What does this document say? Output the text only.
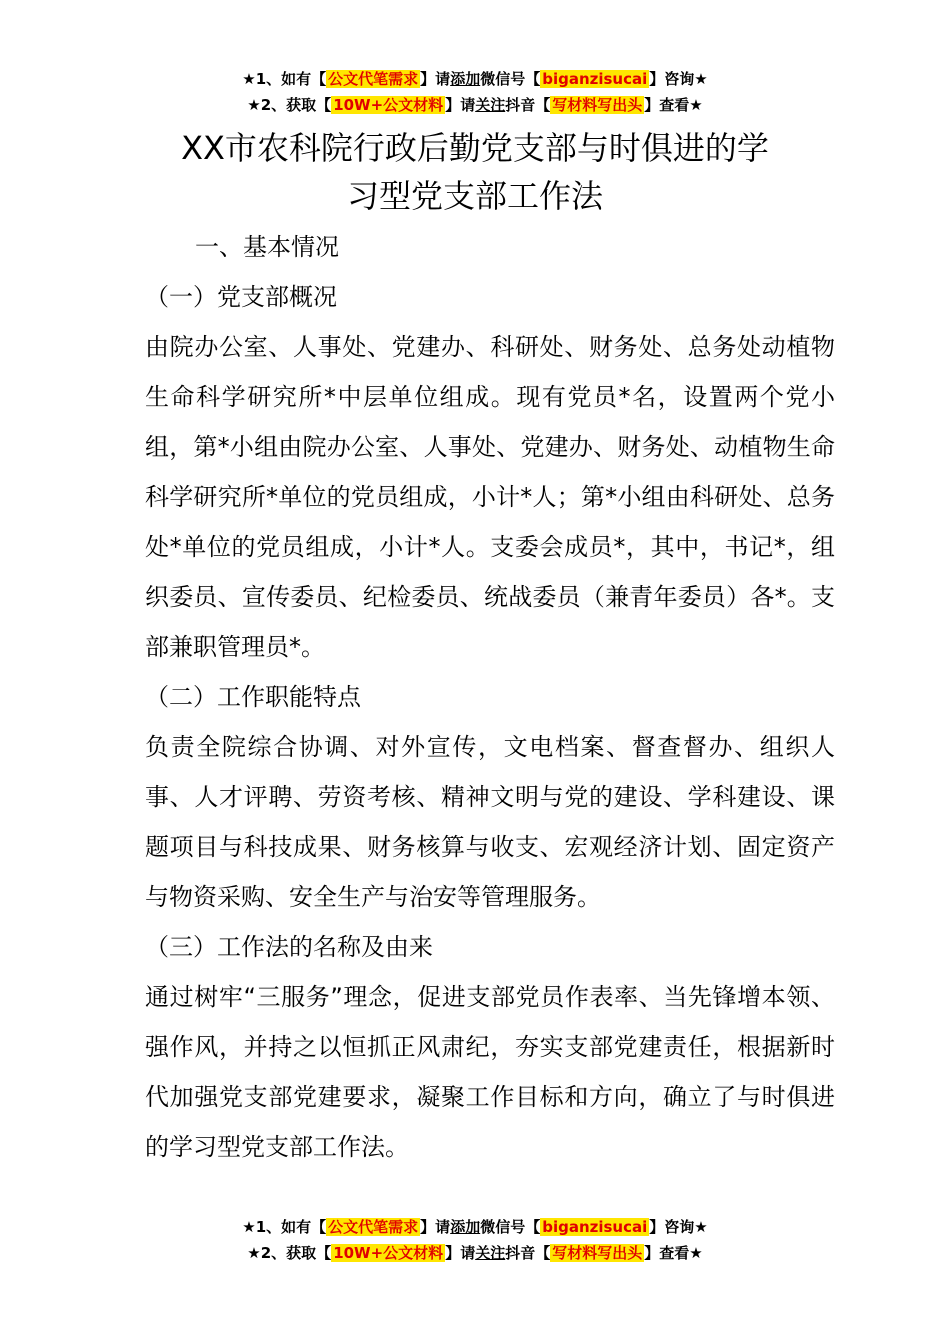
★1、如有【 公文代笔需求 】请添加微信号【 biganzisucai 】咨询★
★2、获取【 10W+公文材料 】请关注抖音【 写材料写出头 】查看★
XX市农科院行政后勤党支部与时俱进的学
习型党支部工作法
一、基本情况
（一）党支部概况
由院办公室、人事处、党建办、科研处、财务处、总务处动植物生命科学研究所*中层单位组成。现有党员*名，设置两个党小组，第*小组由院办公室、人事处、党建办、财务处、动植物生命科学研究所*单位的党员组成，小计*人；第*小组由科研处、总务处*单位的党员组成，小计*人。支委会成员*，其中，书记*，组织委员、宣传委员、纪检委员、统战委员（兼青年委员）各*。支部兼职管理员*。
（二）工作职能特点
负责全院综合协调、对外宣传，文电档案、督查督办、组织人事、人才评聘、劳资考核、精神文明与党的建设、学科建设、课题项目与科技成果、财务核算与收支、宏观经济计划、固定资产与物资采购、安全生产与治安等管理服务。
（三）工作法的名称及由来
通过树牢“三服务”理念，促进支部党员作表率、当先锋增本领、强作风，并持之以恒抓正风肃纪，夯实支部党建责任，根据新时代加强党支部党建要求，凝聚工作目标和方向，确立了与时俱进的学习型党支部工作法。
★1、如有【 公文代笔需求 】请添加微信号【 biganzisucai 】咨询★
★2、获取【 10W+公文材料 】请关注抖音【 写材料写出头 】查看★
